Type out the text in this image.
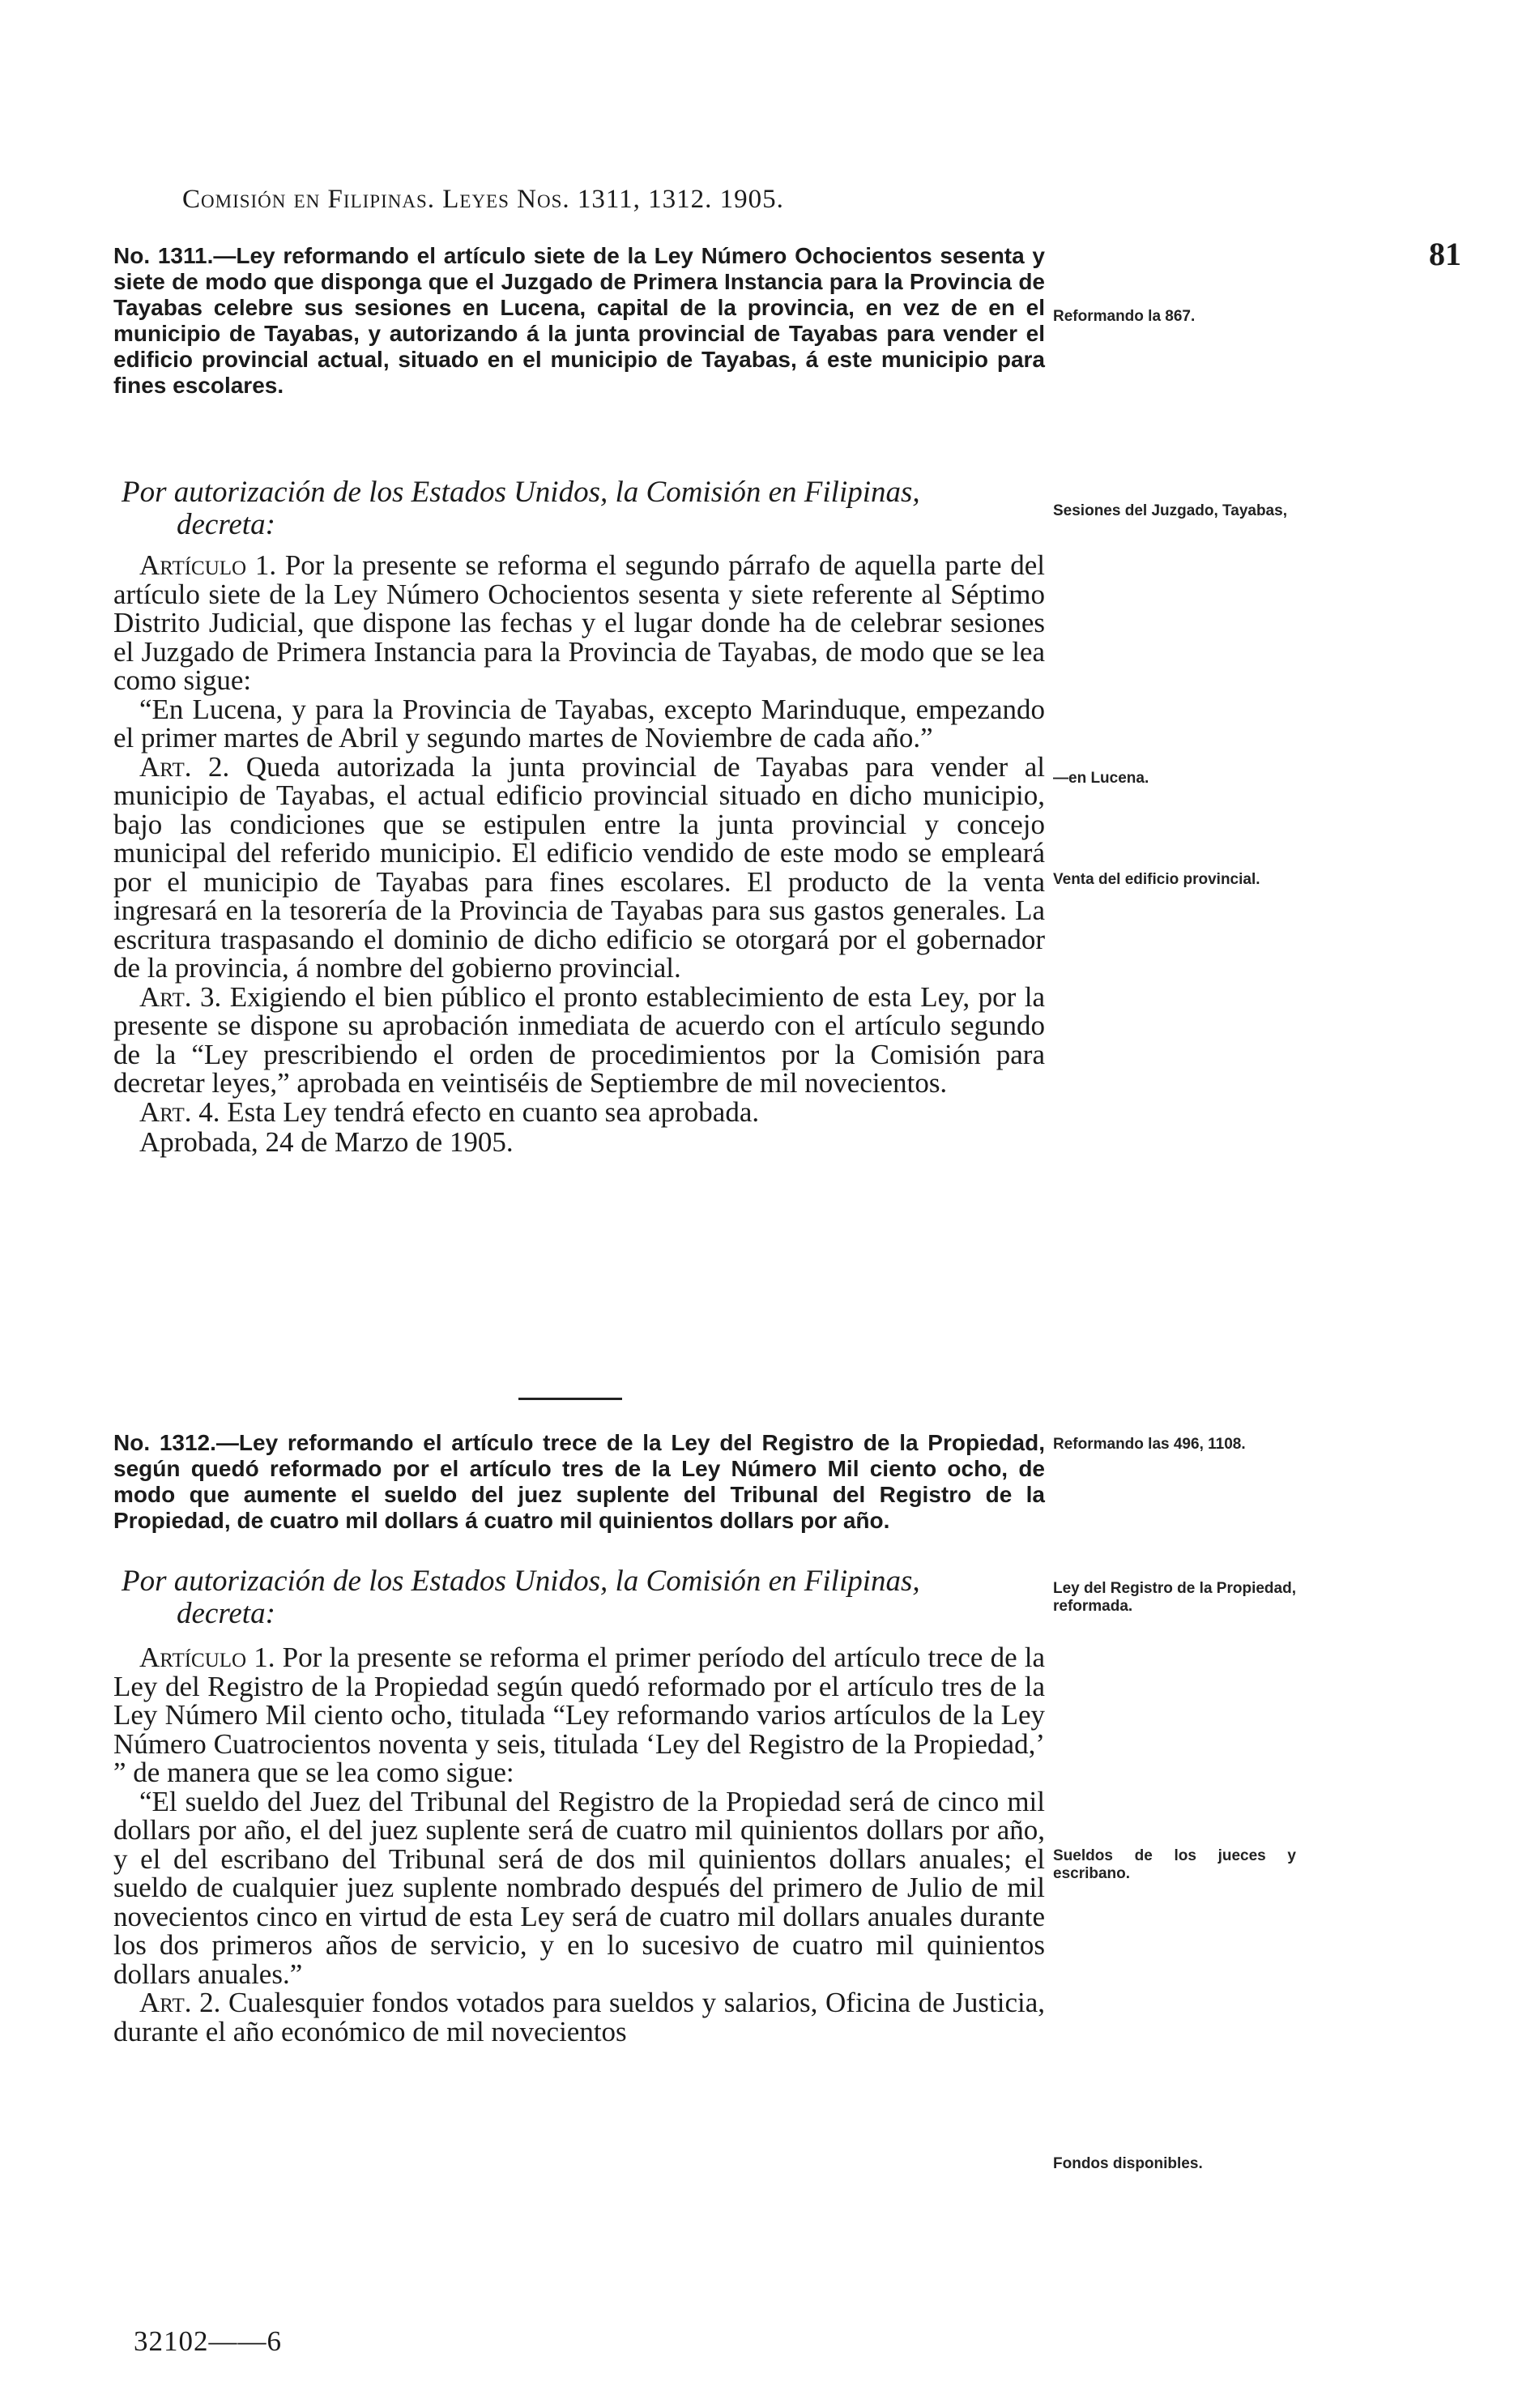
Comisión en Filipinas. Leyes Nos. 1311, 1312. 1905.
81

No. 1311.—Ley reformando el artículo siete de la Ley Número Ochocientos sesenta y siete de modo que disponga que el Juzgado de Primera Instancia para la Provincia de Tayabas celebre sus sesiones en Lucena, capital de la provincia, en vez de en el municipio de Tayabas, y autorizando á la junta provincial de Tayabas para vender el edificio provincial actual, situado en el municipio de Tayabas, á este municipio para fines escolares.

Por autorización de los Estados Unidos, la Comisión en Filipinas,
decreta:

Artículo 1. Por la presente se reforma el segundo párrafo de aquella parte del artículo siete de la Ley Número Ochocientos sesenta y siete referente al Séptimo Distrito Judicial, que dispone las fechas y el lugar donde ha de celebrar sesiones el Juzgado de Primera Instancia para la Provincia de Tayabas, de modo que se lea como sigue:

“En Lucena, y para la Provincia de Tayabas, excepto Marinduque, empezando el primer martes de Abril y segundo martes de Noviembre de cada año.”

Art. 2. Queda autorizada la junta provincial de Tayabas para vender al municipio de Tayabas, el actual edificio provincial situado en dicho municipio, bajo las condiciones que se estipulen entre la junta provincial y concejo municipal del referido municipio. El edificio vendido de este modo se empleará por el municipio de Tayabas para fines escolares. El producto de la venta ingresará en la tesorería de la Provincia de Tayabas para sus gastos generales. La escritura traspasando el dominio de dicho edificio se otorgará por el gobernador de la provincia, á nombre del gobierno provincial.

Art. 3. Exigiendo el bien público el pronto establecimiento de esta Ley, por la presente se dispone su aprobación inmediata de acuerdo con el artículo segundo de la “Ley prescribiendo el orden de procedimientos por la Comisión para decretar leyes,” aprobada en veintiséis de Septiembre de mil novecientos.

Art. 4. Esta Ley tendrá efecto en cuanto sea aprobada.

Aprobada, 24 de Marzo de 1905.

Reformando la 867.
Sesiones del Juzgado, Tayabas,
—en Lucena.
Venta del edificio provincial.

No. 1312.—Ley reformando el artículo trece de la Ley del Registro de la Propiedad, según quedó reformado por el artículo tres de la Ley Número Mil ciento ocho, de modo que aumente el sueldo del juez suplente del Tribunal del Registro de la Propiedad, de cuatro mil dollars á cuatro mil quinientos dollars por año.

Por autorización de los Estados Unidos, la Comisión en Filipinas,
decreta:

Artículo 1. Por la presente se reforma el primer período del artículo trece de la Ley del Registro de la Propiedad según quedó reformado por el artículo tres de la Ley Número Mil ciento ocho, titulada “Ley reformando varios artículos de la Ley Número Cuatrocientos noventa y seis, titulada ‘Ley del Registro de la Propiedad,’ ” de manera que se lea como sigue:

“El sueldo del Juez del Tribunal del Registro de la Propiedad será de cinco mil dollars por año, el del juez suplente será de cuatro mil quinientos dollars por año, y el del escribano del Tribunal será de dos mil quinientos dollars anuales; el sueldo de cualquier juez suplente nombrado después del primero de Julio de mil novecientos cinco en virtud de esta Ley será de cuatro mil dollars anuales durante los dos primeros años de servicio, y en lo sucesivo de cuatro mil quinientos dollars anuales.”

Art. 2. Cualesquier fondos votados para sueldos y salarios, Oficina de Justicia, durante el año económico de mil novecientos

Reformando las 496, 1108.
Ley del Registro de la Propiedad, reformada.
Sueldos de los jueces y escribano.
Fondos disponibles.
32102——6
